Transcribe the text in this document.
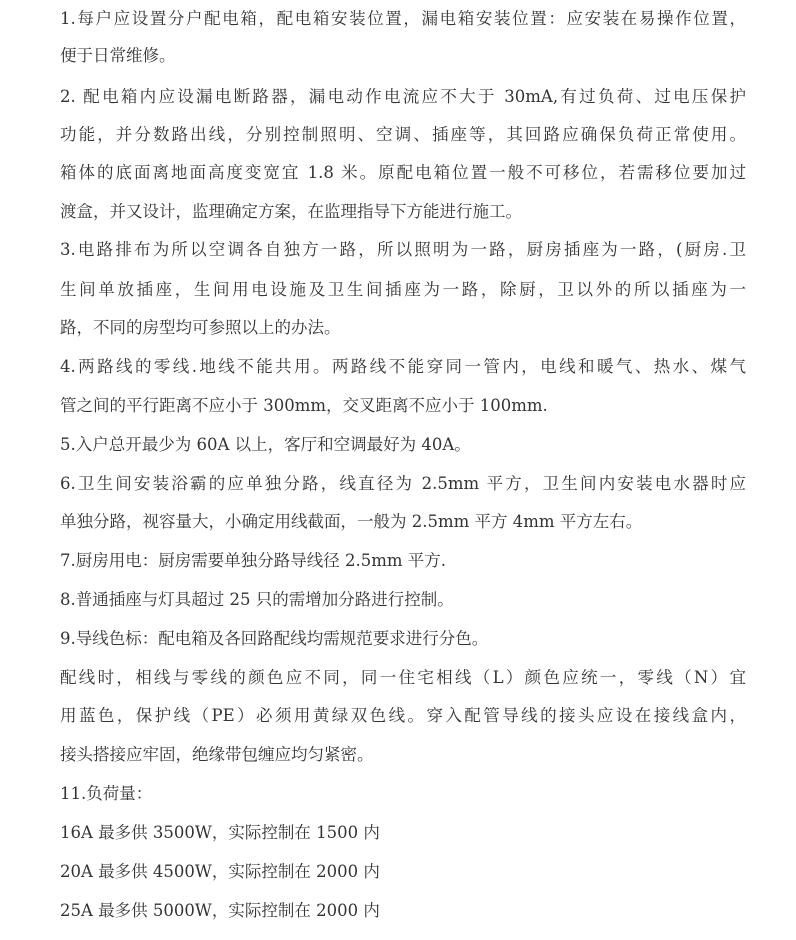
1.每户应设置分户配电箱，配电箱安装位置，漏电箱安装位置：应安装在易操作位置，
便于日常维修。
2. 配电箱内应设漏电断路器，漏电动作电流应不大于 30mA,有过负荷、过电压保护
功能，并分数路出线，分别控制照明、空调、插座等，其回路应确保负荷正常使用。
箱体的底面离地面高度变宽宜 1.8 米。原配电箱位置一般不可移位，若需移位要加过
渡盒，并又设计，监理确定方案，在监理指导下方能进行施工。
3.电路排布为所以空调各自独方一路，所以照明为一路，厨房插座为一路，(厨房.卫
生间单放插座，生间用电设施及卫生间插座为一路，除厨，卫以外的所以插座为一
路，不同的房型均可参照以上的办法。
4.两路线的零线.地线不能共用。两路线不能穿同一管内，电线和暖气、热水、煤气
管之间的平行距离不应小于 300mm，交叉距离不应小于 100mm.
5.入户总开最少为 60A 以上，客厅和空调最好为 40A。
6.卫生间安装浴霸的应单独分路，线直径为 2.5mm 平方，卫生间内安装电水器时应
单独分路，视容量大，小确定用线截面，一般为 2.5mm 平方 4mm 平方左右。
7.厨房用电：厨房需要单独分路导线径 2.5mm 平方.
8.普通插座与灯具超过 25 只的需增加分路进行控制。
9.导线色标：配电箱及各回路配线均需规范要求进行分色。
配线时，相线与零线的颜色应不同，同一住宅相线（L）颜色应统一，零线（N）宜
用蓝色，保护线（PE）必须用黄绿双色线。穿入配管导线的接头应设在接线盒内，
接头搭接应牢固，绝缘带包缠应均匀紧密。
11.负荷量：
16A 最多供 3500W，实际控制在 1500 内
20A 最多供 4500W，实际控制在 2000 内
25A 最多供 5000W，实际控制在 2000 内
